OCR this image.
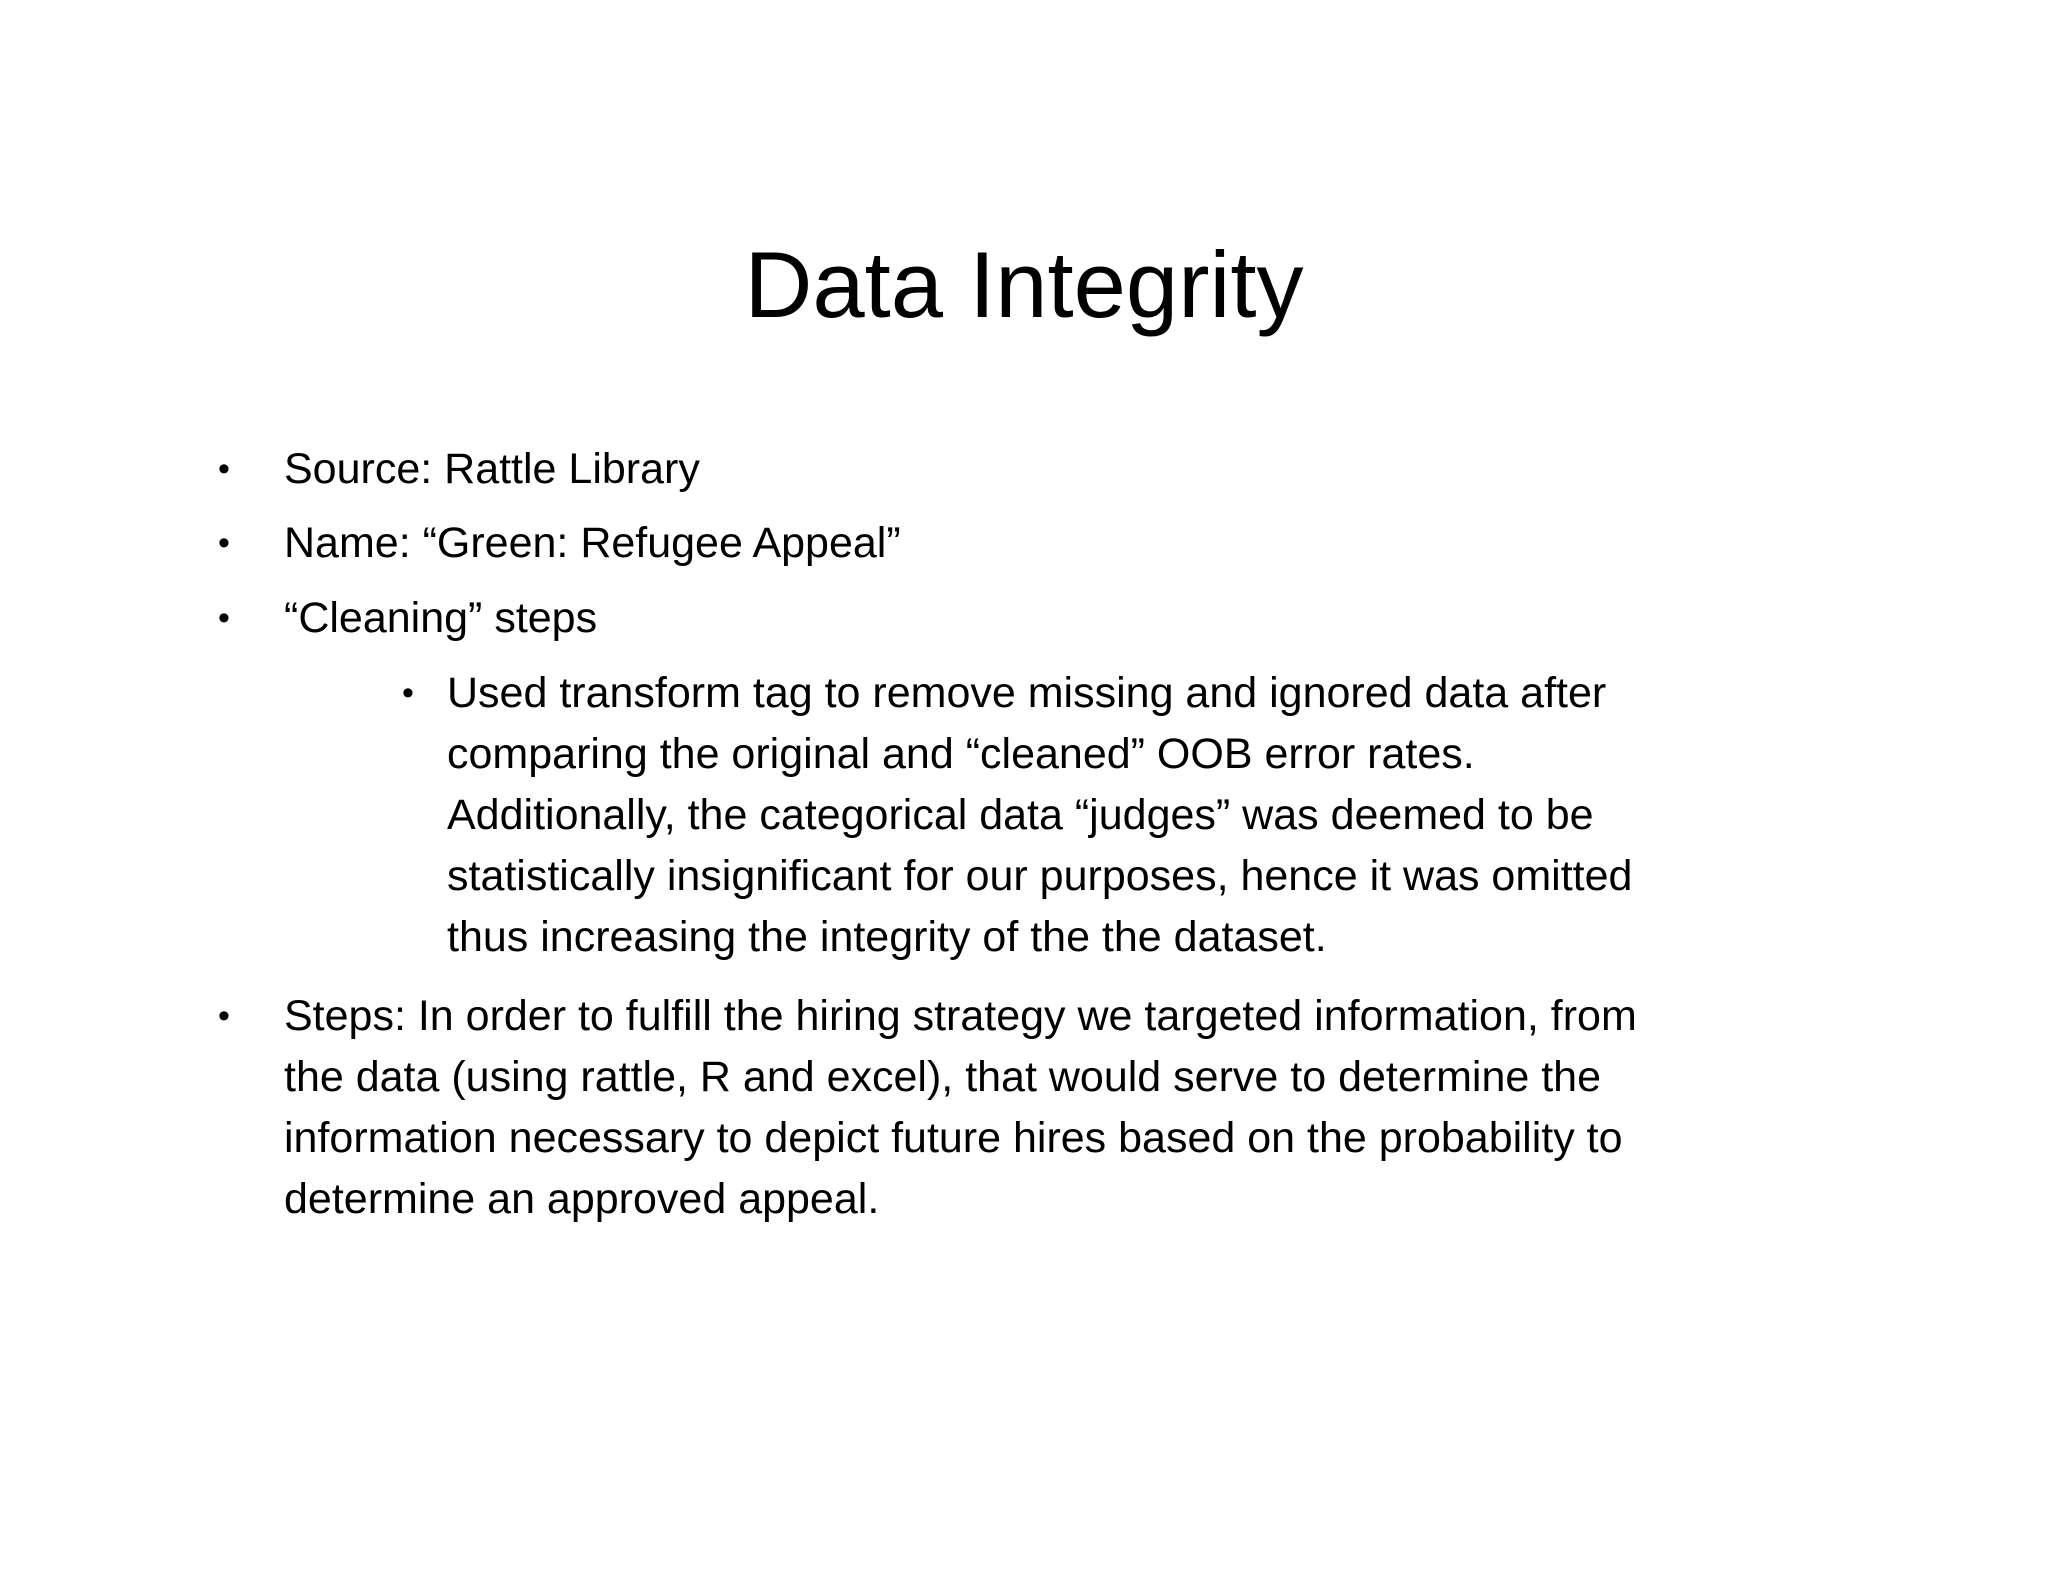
Data Integrity
• Source: Rattle Library
• Name: “Green: Refugee Appeal”
• “Cleaning” steps
• Used transform tag to remove missing and ignored data after
comparing the original and “cleaned” OOB error rates.
Additionally, the categorical data “judges” was deemed to be
statistically insignificant for our purposes, hence it was omitted
thus increasing the integrity of the the dataset.
• Steps: In order to fulfill the hiring strategy we targeted information, from
the data (using rattle, R and excel), that would serve to determine the
information necessary to depict future hires based on the probability to
determine an approved appeal.
